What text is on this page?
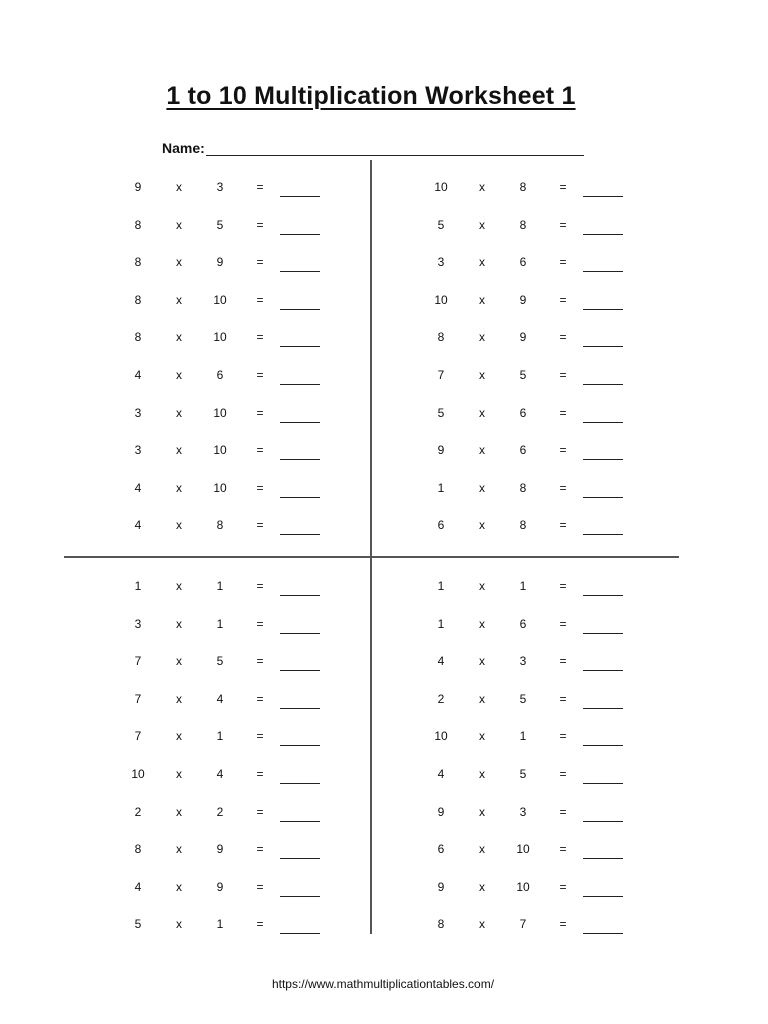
1 to 10 Multiplication Worksheet 1
Name:
9	x	3	=
8	x	5	=
8	x	9	=
8	x	10	=
8	x	10	=
4	x	6	=
3	x	10	=
3	x	10	=
4	x	10	=
4	x	8	=
10	x	8	=
5	x	8	=
3	x	6	=
10	x	9	=
8	x	9	=
7	x	5	=
5	x	6	=
9	x	6	=
1	x	8	=
6	x	8	=
1	x	1	=
3	x	1	=
7	x	5	=
7	x	4	=
7	x	1	=
10	x	4	=
2	x	2	=
8	x	9	=
4	x	9	=
5	x	1	=
1	x	1	=
1	x	6	=
4	x	3	=
2	x	5	=
10	x	1	=
4	x	5	=
9	x	3	=
6	x	10	=
9	x	10	=
8	x	7	=
https://www.mathmultiplicationtables.com/
